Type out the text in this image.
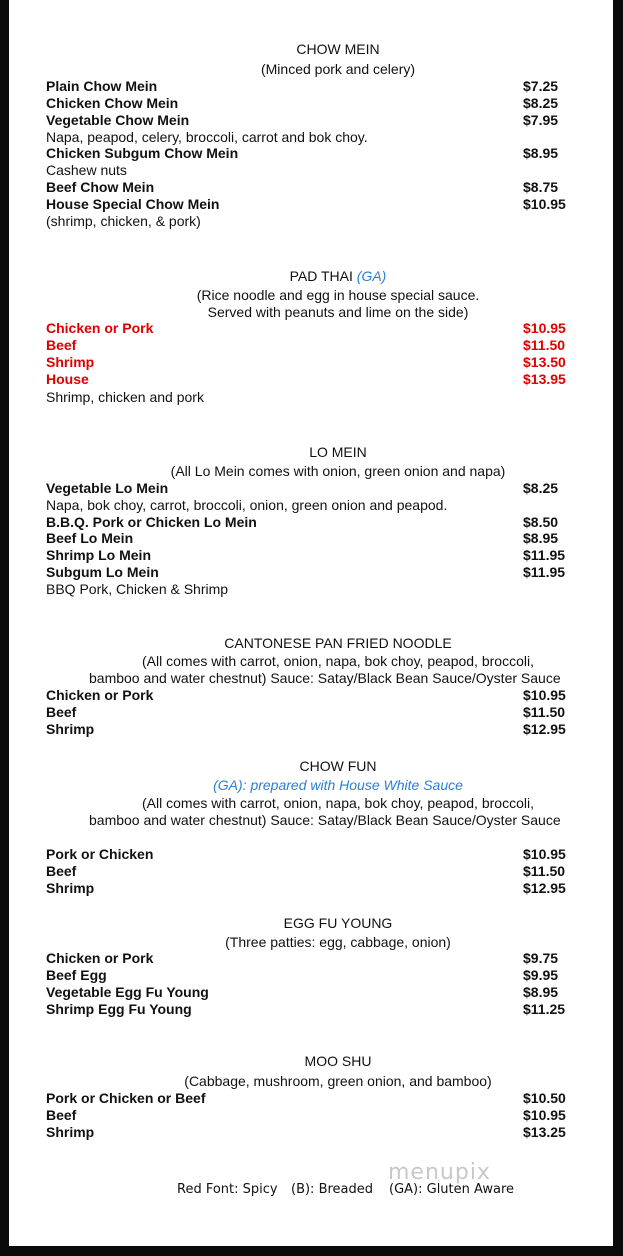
CHOW MEIN
(Minced pork and celery)
Plain Chow Mein	$7.25
Chicken Chow Mein	$8.25
Vegetable Chow Mein	$7.95
Napa, peapod, celery, broccoli, carrot and bok choy.
Chicken Subgum Chow Mein	$8.95
Cashew nuts
Beef Chow Mein	$8.75
House Special Chow Mein	$10.95
(shrimp, chicken, & pork)
PAD THAI (GA)
(Rice noodle and egg in house special sauce.
Served with peanuts and lime on the side)
Chicken or Pork	$10.95
Beef	$11.50
Shrimp	$13.50
House	$13.95
Shrimp, chicken and pork
LO MEIN
(All Lo Mein comes with onion, green onion and napa)
Vegetable Lo Mein	$8.25
Napa, bok choy, carrot, broccoli, onion, green onion and peapod.
B.B.Q. Pork or Chicken Lo Mein	$8.50
Beef Lo Mein	$8.95
Shrimp Lo Mein	$11.95
Subgum Lo Mein	$11.95
BBQ Pork, Chicken & Shrimp
CANTONESE PAN FRIED NOODLE
(All comes with carrot, onion, napa, bok choy, peapod, broccoli,
bamboo and water chestnut) Sauce: Satay/Black Bean Sauce/Oyster Sauce
Chicken or Pork	$10.95
Beef	$11.50
Shrimp	$12.95
CHOW FUN
(GA): prepared with House White Sauce
(All comes with carrot, onion, napa, bok choy, peapod, broccoli,
bamboo and water chestnut) Sauce: Satay/Black Bean Sauce/Oyster Sauce
Pork or Chicken	$10.95
Beef	$11.50
Shrimp	$12.95
EGG FU YOUNG
(Three patties: egg, cabbage, onion)
Chicken or Pork	$9.75
Beef Egg	$9.95
Vegetable Egg Fu Young	$8.95
Shrimp Egg Fu Young	$11.25
MOO SHU
(Cabbage, mushroom, green onion, and bamboo)
Pork or Chicken or Beef	$10.50
Beef	$10.95
Shrimp	$13.25
menupix
Red Font: Spicy (B): Breaded (GA): Gluten Aware
